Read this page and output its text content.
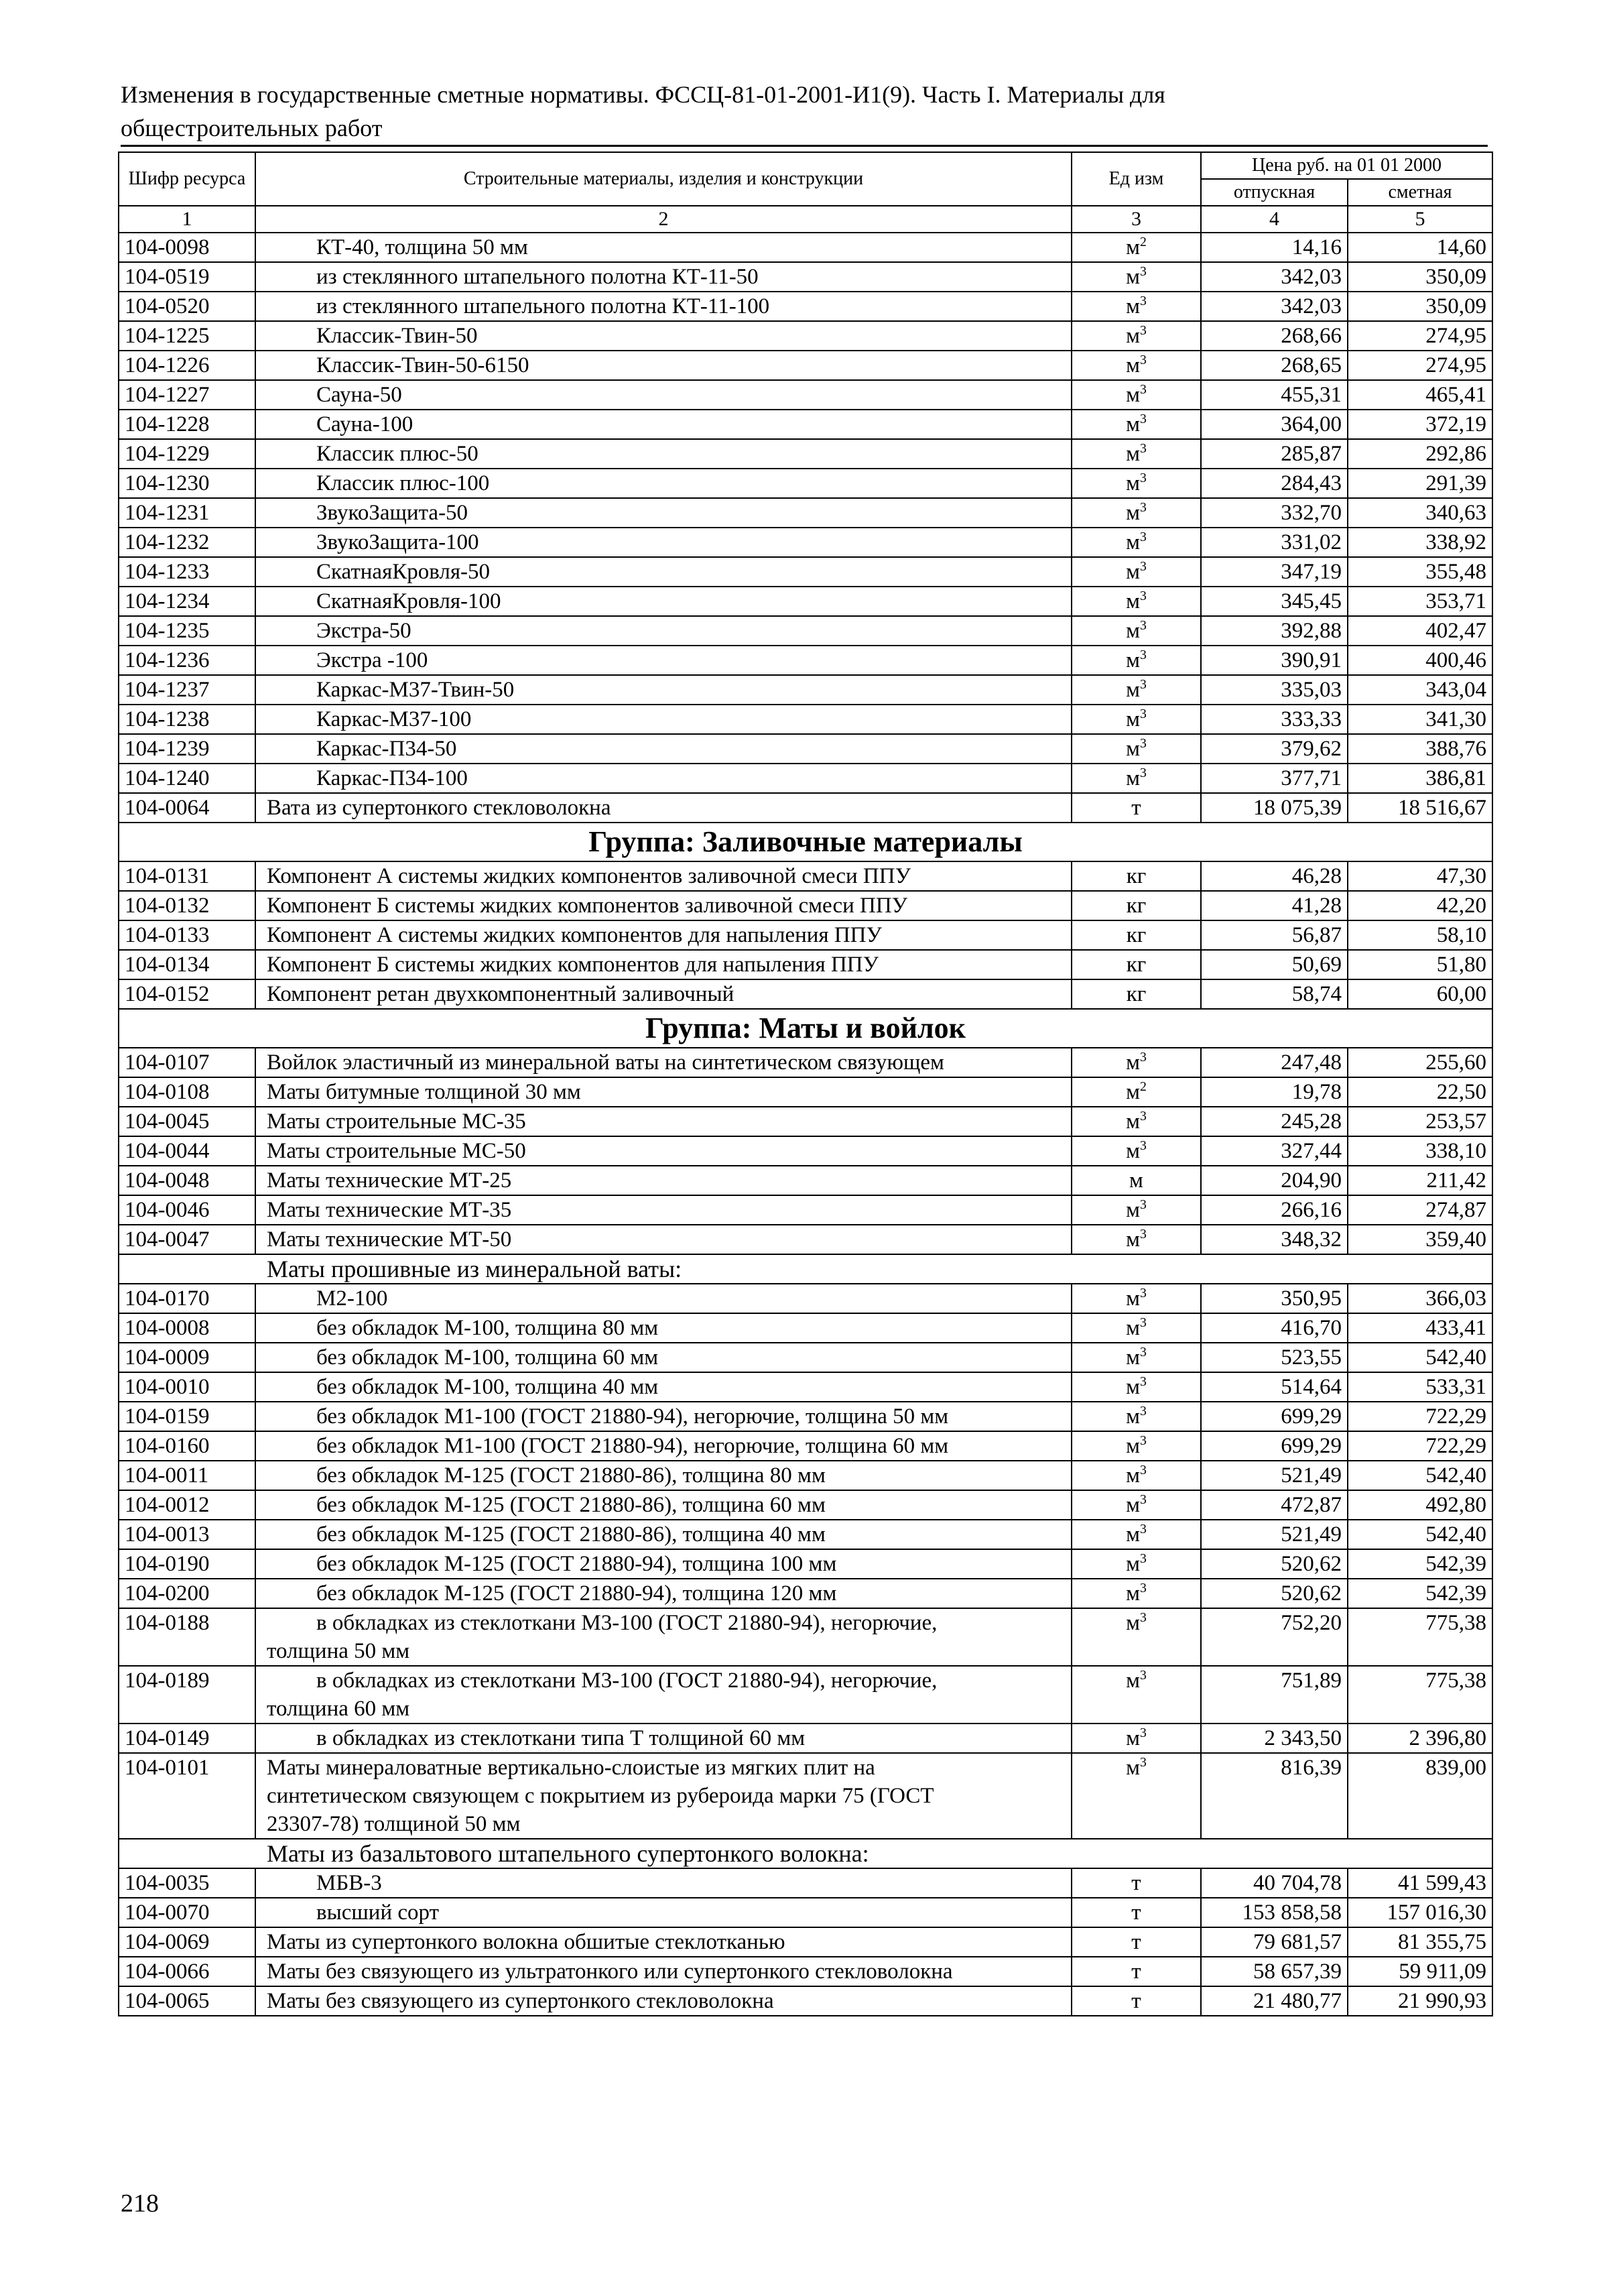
Изменения в государственные сметные нормативы. ФССЦ-81-01-2001-И1(9). Часть I. Материалы для
общестроительных работ
Шифр ресурса	Строительные материалы, изделия и конструкции	Ед изм	Цена руб. на 01 01 2000	
			отпускная	сметная
1	2	3	4	5
104-0098	КТ-40, толщина 50 мм	$м^2$	14,16	14,60
104-0519	из стеклянного штапельного полотна КТ-11-50	$м^3$	342,03	350,09
104-0520	из стеклянного штапельного полотна КТ-11-100	$м^3$	342,03	350,09
104-1225	Классик-Твин-50	$м^3$	268,66	274,95
104-1226	Классик-Твин-50-6150	$м^3$	268,65	274,95
104-1227	Сауна-50	$м^3$	455,31	465,41
104-1228	Сауна-100	$м^3$	364,00	372,19
104-1229	Классик плюс-50	$м^3$	285,87	292,86
104-1230	Классик плюс-100	$м^3$	284,43	291,39
104-1231	ЗвукоЗащита-50	$м^3$	332,70	340,63
104-1232	ЗвукоЗащита-100	$м^3$	331,02	338,92
104-1233	СкатнаяКровля-50	$м^3$	347,19	355,48
104-1234	СкатнаяКровля-100	$м^3$	345,45	353,71
104-1235	Экстра-50	$м^3$	392,88	402,47
104-1236	Экстра -100	$м^3$	390,91	400,46
104-1237	Каркас-М37-Твин-50	$м^3$	335,03	343,04
104-1238	Каркас-М37-100	$м^3$	333,33	341,30
104-1239	Каркас-П34-50	$м^3$	379,62	388,76
104-1240	Каркас-П34-100	$м^3$	377,71	386,81
104-0064	Вата из супертонкого стекловолокна	т	18 075,39	18 516,67
Группа: Заливочные материалы				
104-0131	Компонент А системы жидких компонентов заливочной смеси ППУ	кг	46,28	47,30
104-0132	Компонент Б системы жидких компонентов заливочной смеси ППУ	кг	41,28	42,20
104-0133	Компонент А системы жидких компонентов для напыления ППУ	кг	56,87	58,10
104-0134	Компонент Б системы жидких компонентов для напыления ППУ	кг	50,69	51,80
104-0152	Компонент ретан двухкомпонентный заливочный	кг	58,74	60,00
Группа: Маты и войлок				
104-0107	Войлок эластичный из минеральной ваты на синтетическом связующем	$м^3$	247,48	255,60
104-0108	Маты битумные толщиной 30 мм	$м^2$	19,78	22,50
104-0045	Маты строительные МС-35	$м^3$	245,28	253,57
104-0044	Маты строительные МС-50	$м^3$	327,44	338,10
104-0048	Маты технические МТ-25	м	204,90	211,42
104-0046	Маты технические МТ-35	$м^3$	266,16	274,87
104-0047	Маты технические МТ-50	$м^3$	348,32	359,40
Маты прошивные из минеральной ваты:				
104-0170	М2-100	$м^3$	350,95	366,03
104-0008	без обкладок М-100, толщина 80 мм	$м^3$	416,70	433,41
104-0009	без обкладок М-100, толщина 60 мм	$м^3$	523,55	542,40
104-0010	без обкладок М-100, толщина 40 мм	$м^3$	514,64	533,31
104-0159	без обкладок М1-100 (ГОСТ 21880-94), негорючие, толщина 50 мм	$м^3$	699,29	722,29
104-0160	без обкладок М1-100 (ГОСТ 21880-94), негорючие, толщина 60 мм	$м^3$	699,29	722,29
104-0011	без обкладок М-125 (ГОСТ 21880-86), толщина 80 мм	$м^3$	521,49	542,40
104-0012	без обкладок М-125 (ГОСТ 21880-86), толщина 60 мм	$м^3$	472,87	492,80
104-0013	без обкладок М-125 (ГОСТ 21880-86), толщина 40 мм	$м^3$	521,49	542,40
104-0190	без обкладок М-125 (ГОСТ 21880-94), толщина 100 мм	$м^3$	520,62	542,39
104-0200	без обкладок М-125 (ГОСТ 21880-94), толщина 120 мм	$м^3$	520,62	542,39
104-0188	в обкладках из стеклоткани М3-100 (ГОСТ 21880-94), негорючие,
толщина 50 мм	$м^3$	752,20	775,38
104-0189	в обкладках из стеклоткани М3-100 (ГОСТ 21880-94), негорючие,
толщина 60 мм	$м^3$	751,89	775,38
104-0149	в обкладках из стеклоткани типа Т толщиной 60 мм	$м^3$	2 343,50	2 396,80
104-0101	Маты минераловатные вертикально-слоистые из мягких плит на
синтетическом связующем с покрытием из рубероида марки 75 (ГОСТ
23307-78) толщиной 50 мм	$м^3$	816,39	839,00
Маты из базальтового штапельного супертонкого волокна:				
104-0035	МБВ-3	т	40 704,78	41 599,43
104-0070	высший сорт	т	153 858,58	157 016,30
104-0069	Маты из супертонкого волокна обшитые стеклотканью	т	79 681,57	81 355,75
104-0066	Маты без связующего из ультратонкого или супертонкого стекловолокна	т	58 657,39	59 911,09
104-0065	Маты без связующего из супертонкого стекловолокна	т	21 480,77	21 990,93
218
